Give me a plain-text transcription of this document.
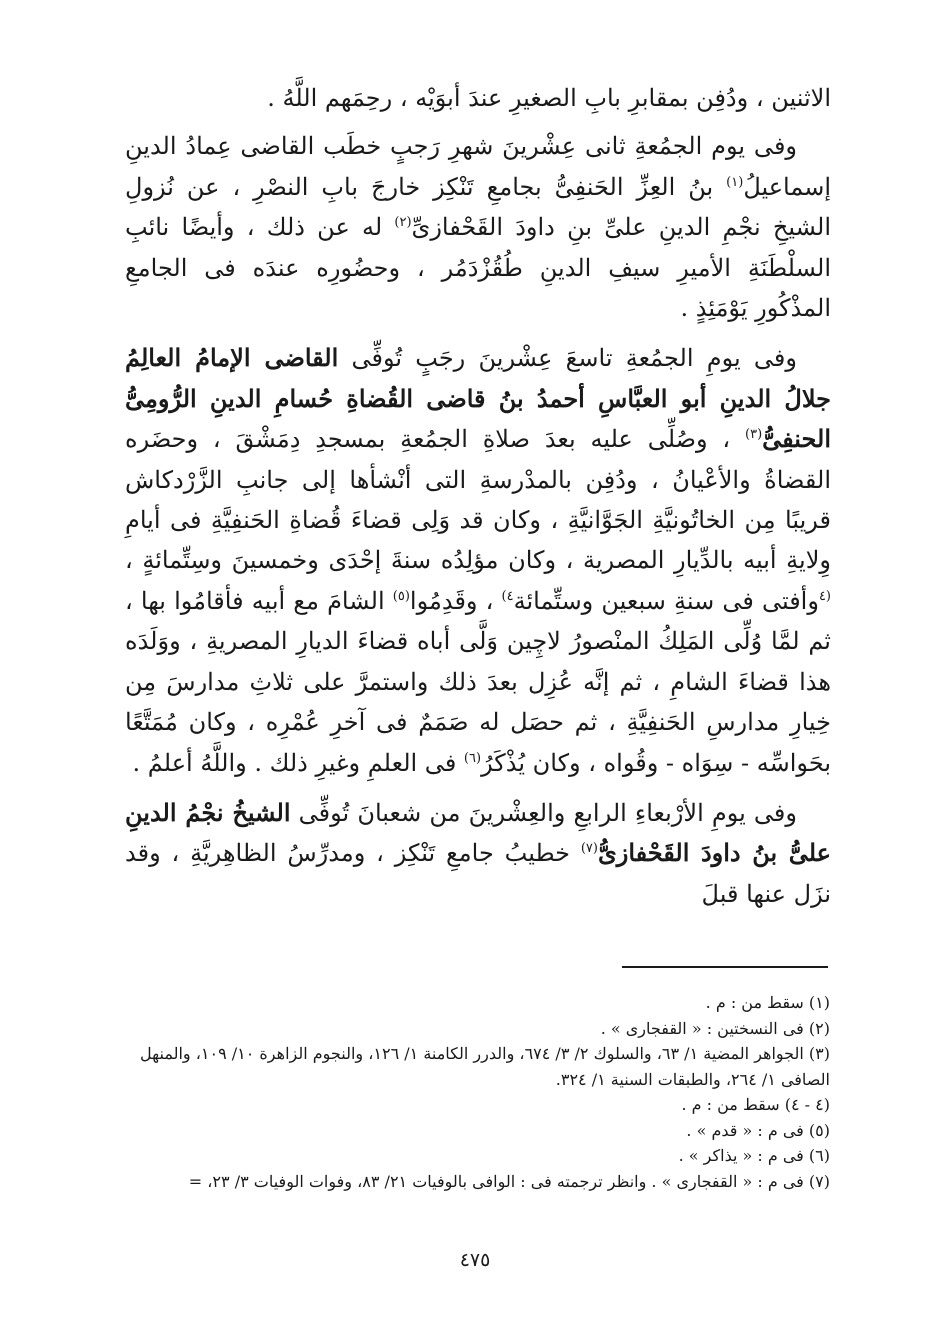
الاثنين ، ودُفِن بمقابرِ بابِ الصغيرِ عندَ أبوَيْه ، رحِمَهم اللَّهُ .

وفى يوم الجمُعةِ ثانى عِشْرينَ شهرِ رَجبٍ خطَب القاضى عِمادُ الدينِ إسماعيلُ$^{(١)}$ بنُ العِزِّ الحَنفِىُّ بجامعِ تَنْكِز خارجَ بابِ النصْرِ ، عن نُزولِ الشيخِ نجْمِ الدينِ علىِّ بنِ داودَ القَحْفازىِّ$^{(٢)}$ له عن ذلك ، وأيضًا نائبِ السلْطَنَةِ الأميرِ سيفِ الدينِ طُقُزْدَمُر ، وحضُورِه عندَه فى الجامعِ المذْكُورِ يَوْمَئِذٍ .

وفى يومِ الجمُعةِ تاسعَ عِشْرينَ رجَبٍ تُوفِّى القاضى الإمامُ العالِمُ جلالُ الدينِ أبو العبَّاسِ أحمدُ بنُ قاضى القُضاةِ حُسامِ الدينِ الرُّومِىُّ الحنفِىُّ$^{(٣)}$ ، وصُلِّى عليه بعدَ صلاةِ الجمُعةِ بمسجدِ دِمَشْقَ ، وحضَره القضاةُ والأعْيانُ ، ودُفِن بالمدْرسةِ التى أنْشأها إلى جانبِ الزَّرْدكاش قريبًا مِن الخاتُونيَّةِ الجَوَّانيَّةِ ، وكان قد وَلِى قضاءَ قُضاةِ الحَنفِيَّةِ فى أيامِ وِلايةِ أبيه بالدِّيارِ المصرية ، وكان مؤلِدُه سنةَ إحْدَى وخمسينَ وسِتِّمائةٍ ، $^{(٤}$وأفتى فى سنةِ سبعين وستِّمائة$^{٤)}$ ، وقَدِمُوا$^{(٥)}$ الشامَ مع أبيه فأقامُوا بها ، ثم لمَّا وُلِّى المَلِكُ المنْصورُ لاچِين وَلَّى أباه قضاءَ الديارِ المصريةِ ، ووَلَدَه هذا قضاءَ الشامِ ، ثم إنَّه عُزِل بعدَ ذلك واستمرَّ على ثلاثِ مدارسَ مِن خِيارِ مدارسِ الحَنفِيَّةِ ، ثم حصَل له صَمَمٌ فى آخرِ عُمْرِه ، وكان مُمَتَّعًا بحَواسِّه - سِوَاه - وقُواه ، وكان يُذْكَرُ$^{(٦)}$ فى العلمِ وغيرِ ذلك . واللَّهُ أعلمُ .

وفى يومِ الأرْبعاءِ الرابعِ والعِشْرينَ من شعبانَ تُوفِّى الشيخُ نجْمُ الدينِ علىُّ بنُ داودَ القَحْفازىُّ$^{(٧)}$ خطيبُ جامعِ تَنْكِز ، ومدرِّسُ الظاهِريَّةِ ، وقد نزَل عنها قبلَ

(١) سقط من : م .
(٢) فى النسختين : « القفجارى » .
(٣) الجواهر المضية ١/ ٦٣، والسلوك ٢/ ٣/ ٦٧٤، والدرر الكامنة ١/ ١٢٦، والنجوم الزاهرة ١٠/ ١٠٩، والمنهل الصافى ١/ ٢٦٤، والطبقات السنية ١/ ٣٢٤.
(٤ - ٤) سقط من : م .
(٥) فى م : « قدم » .
(٦) فى م : « يذاكر » .
(٧) فى م : « القفجارى » . وانظر ترجمته فى : الوافى بالوفيات ٢١/ ٨٣، وفوات الوفيات ٣/ ٢٣، =
٤٧٥
